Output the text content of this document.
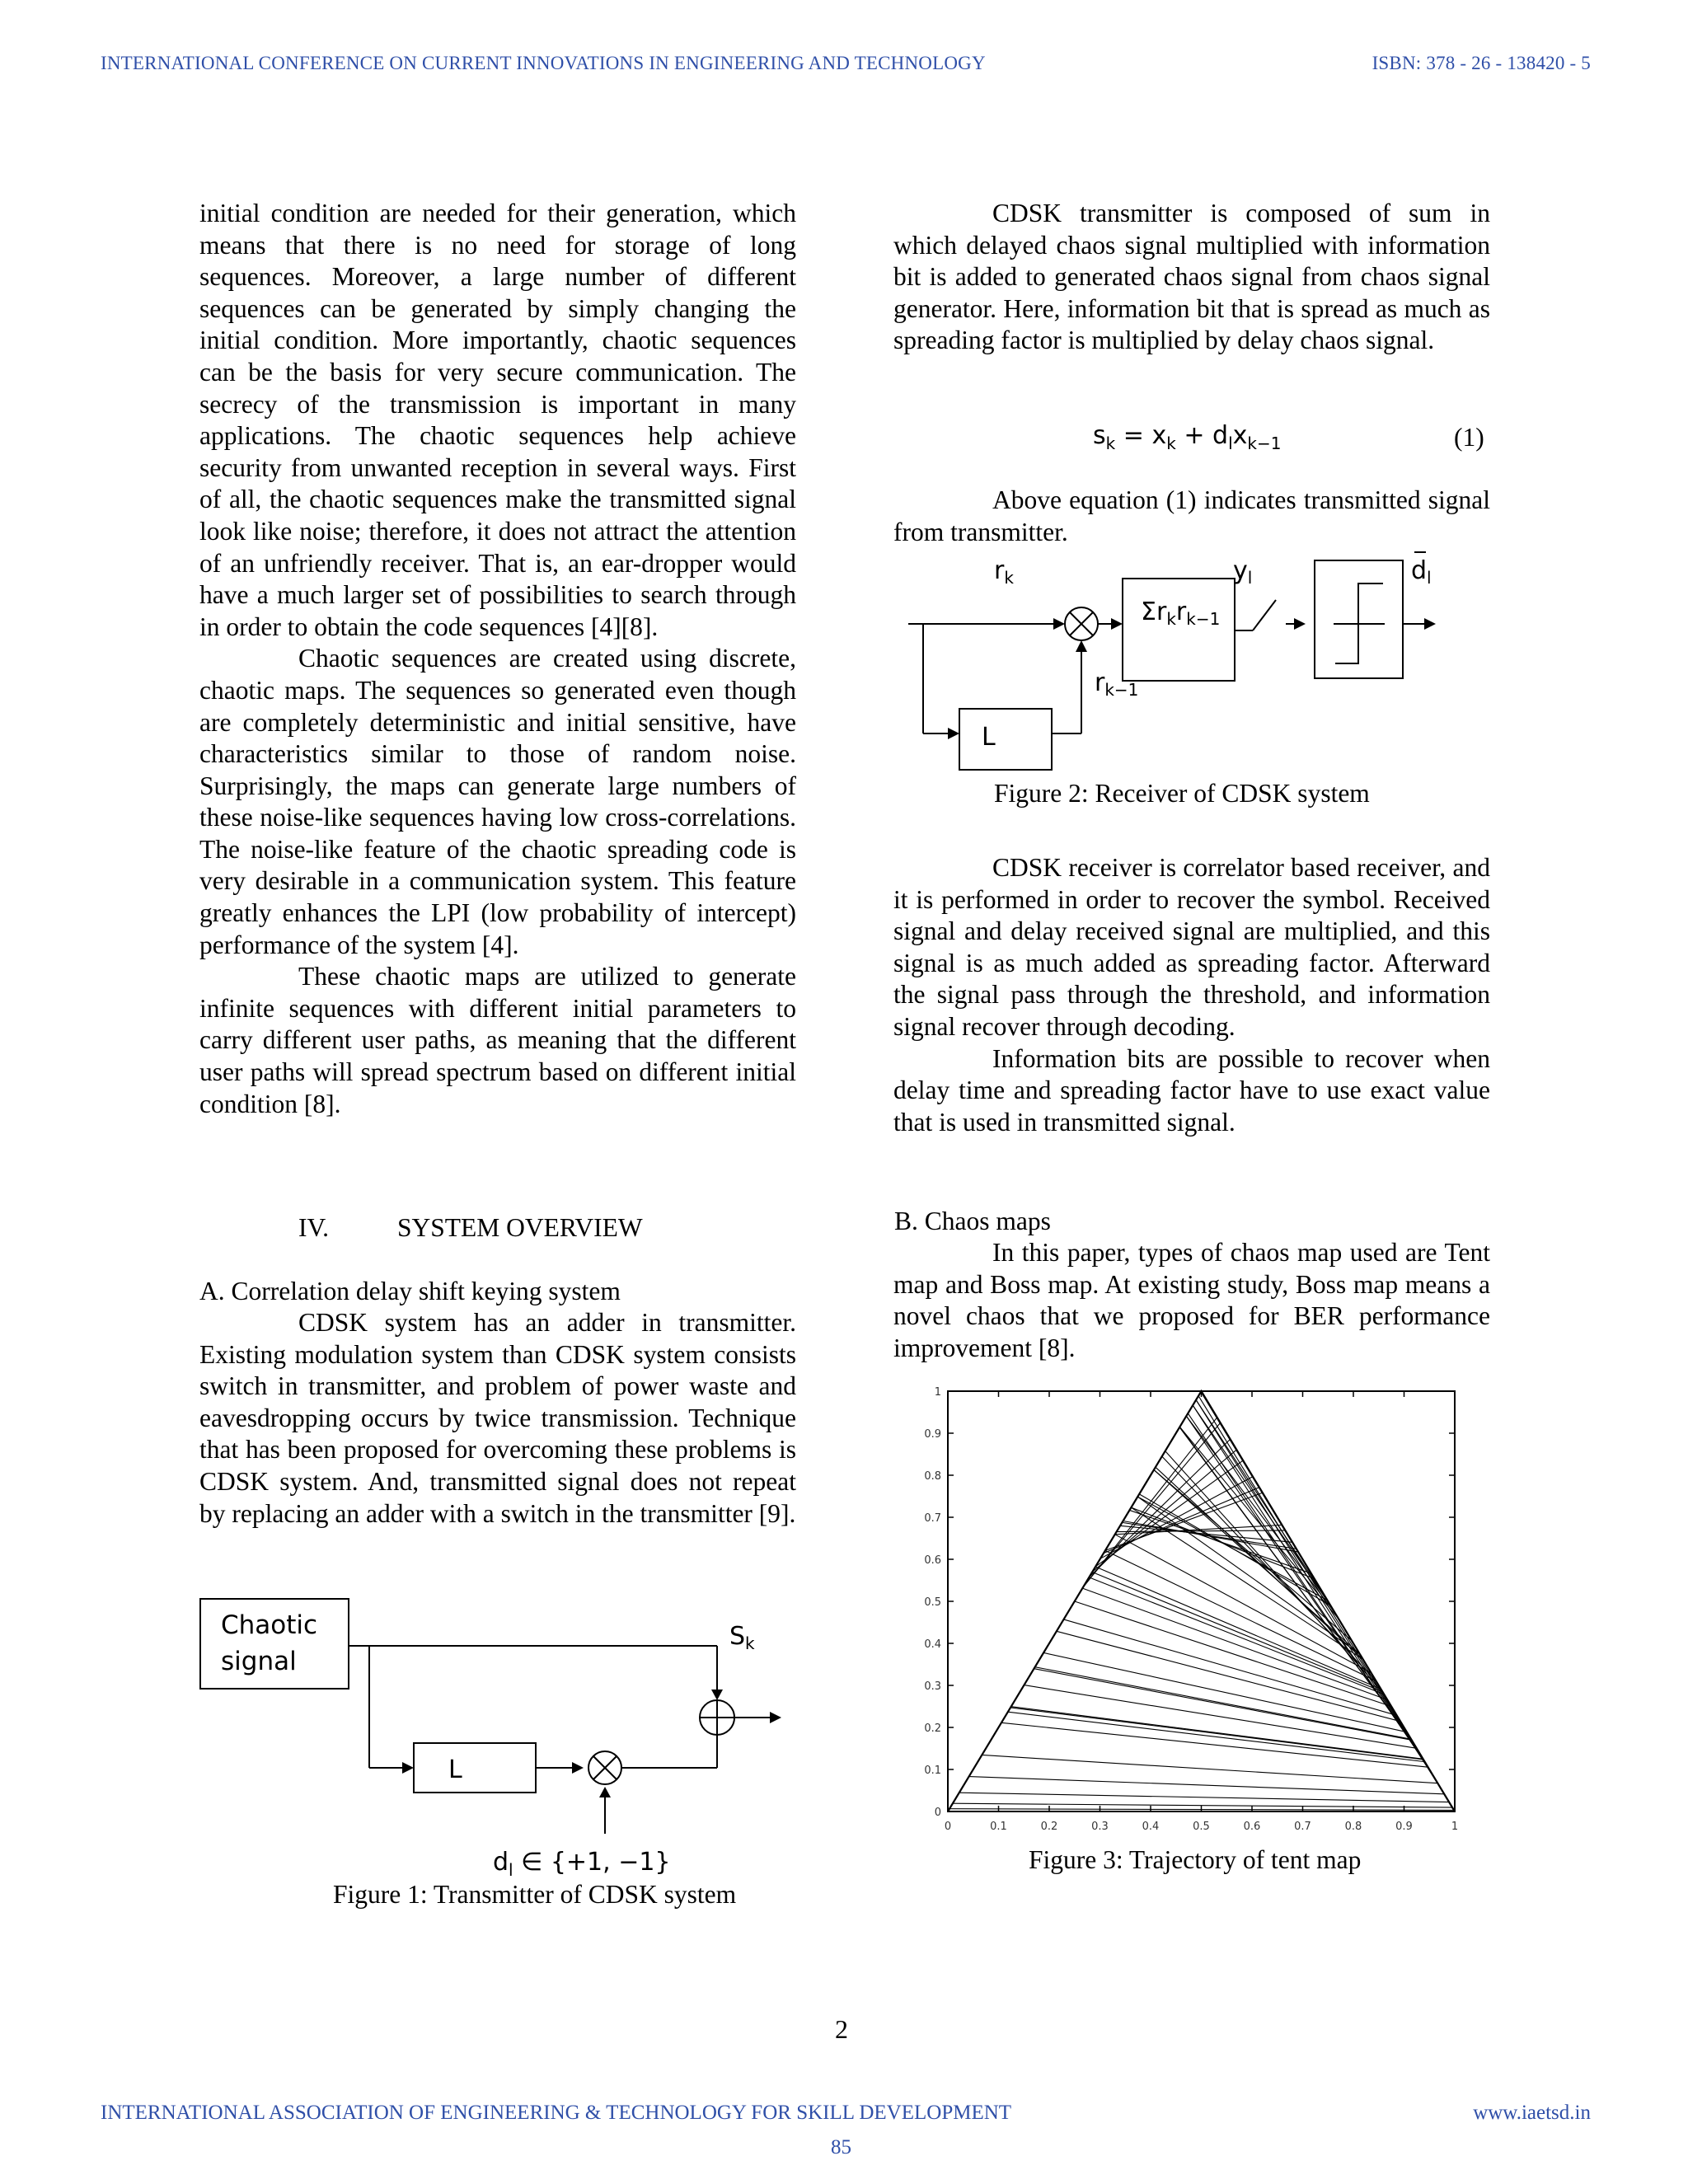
INTERNATIONAL CONFERENCE ON CURRENT INNOVATIONS IN ENGINEERING AND TECHNOLOGY	ISBN: 378 - 26 - 138420 - 5

initial condition are needed for their generation, which means that there is no need for storage of long sequences. Moreover, a large number of different sequences can be generated by simply changing the initial condition. More importantly, chaotic sequences can be the basis for very secure communication. The secrecy of the transmission is important in many applications. The chaotic sequences help achieve security from unwanted reception in several ways. First of all, the chaotic sequences make the transmitted signal look like noise; therefore, it does not attract the attention of an unfriendly receiver. That is, an ear-dropper would have a much larger set of possibilities to search through in order to obtain the code sequences [4][8].

Chaotic sequences are created using discrete, chaotic maps. The sequences so generated even though are completely deterministic and initial sensitive, have characteristics similar to those of random noise. Surprisingly, the maps can generate large numbers of these noise-like sequences having low cross-correlations. The noise-like feature of the chaotic spreading code is very desirable in a communication system. This feature greatly enhances the LPI (low probability of intercept) performance of the system [4].

These chaotic maps are utilized to generate infinite sequences with different initial parameters to carry different user paths, as meaning that the different user paths will spread spectrum based on different initial condition [8].

IV.	SYSTEM OVERVIEW
A. Correlation delay shift keying system

CDSK system has an adder in transmitter. Existing modulation system than CDSK system consists switch in transmitter, and problem of power waste and eavesdropping occurs by twice transmission. Technique that has been proposed for overcoming these problems is CDSK system. And, transmitted signal does not repeat by replacing an adder with a switch in the transmitter [9].

Chaotic
signal
L
$S_k$
$d_l$ ∈ {+1, −1}
Figure 1: Transmitter of CDSK system

CDSK transmitter is composed of sum in which delayed chaos signal multiplied with information bit is added to generated chaos signal from chaos signal generator. Here, information bit that is spread as much as spreading factor is multiplied by delay chaos signal.

$s_k = x_k + d_lx_{k-1}$	(1)

Above equation (1) indicates transmitted signal from transmitter.

$r_k$	$y_l$	$d_l$
$\Sigma r_kr_{k-1}$
L
$r_{k-1}$
Figure 2: Receiver of CDSK system

CDSK receiver is correlator based receiver, and it is performed in order to recover the symbol. Received signal and delay received signal are multiplied, and this signal is as much added as spreading factor. Afterward the signal pass through the threshold, and information signal recover through decoding.

Information bits are possible to recover when delay time and spreading factor have to use exact value that is used in transmitted signal.

B. Chaos maps

In this paper, types of chaos map used are Tent map and Boss map. At existing study, Boss map means a novel chaos that we proposed for BER performance improvement [8].

0	0.1	0.2	0.3	0.4	0.5	0.6	0.7	0.8	0.9	1
0
0.1
0.2
0.3
0.4
0.5
0.6
0.7
0.8
0.9
1
Figure 3: Trajectory of tent map
2
INTERNATIONAL ASSOCIATION OF ENGINEERING & TECHNOLOGY FOR SKILL DEVELOPMENT	www.iaetsd.in
85
